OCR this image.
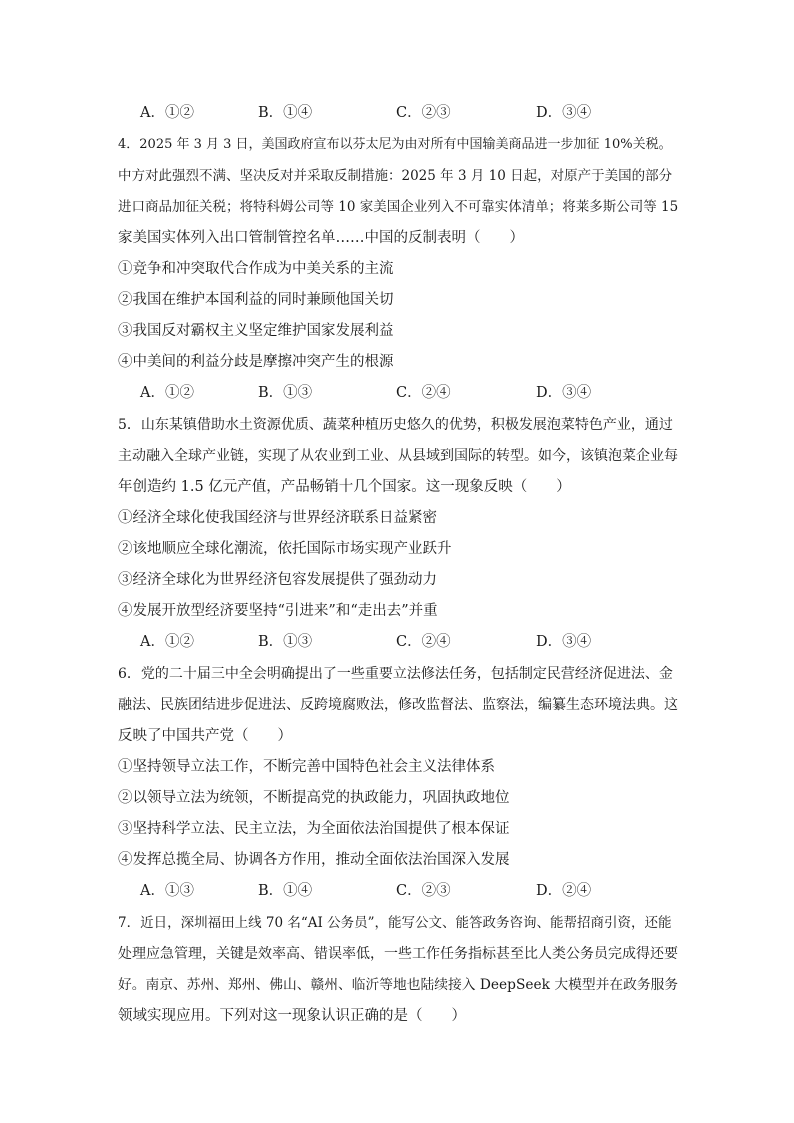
A．①②	B．①④	C．②③	D．③④
4．2025 年 3 月 3 日，美国政府宣布以芬太尼为由对所有中国输美商品进一步加征 10%关税。
中方对此强烈不满、坚决反对并采取反制措施：2025 年 3 月 10 日起，对原产于美国的部分
进口商品加征关税；将特科姆公司等 10 家美国企业列入不可靠实体清单；将莱多斯公司等 15
家美国实体列入出口管制管控名单……中国的反制表明（　　）
①竞争和冲突取代合作成为中美关系的主流
②我国在维护本国利益的同时兼顾他国关切
③我国反对霸权主义坚定维护国家发展利益
④中美间的利益分歧是摩擦冲突产生的根源
A．①②	B．①③	C．②④	D．③④
5．山东某镇借助水土资源优质、蔬菜种植历史悠久的优势，积极发展泡菜特色产业，通过
主动融入全球产业链，实现了从农业到工业、从县域到国际的转型。如今，该镇泡菜企业每
年创造约 1.5 亿元产值，产品畅销十几个国家。这一现象反映（　　）
①经济全球化使我国经济与世界经济联系日益紧密
②该地顺应全球化潮流，依托国际市场实现产业跃升
③经济全球化为世界经济包容发展提供了强劲动力
④发展开放型经济要坚持“引进来”和“走出去”并重
A．①②	B．①③	C．②④	D．③④
6．党的二十届三中全会明确提出了一些重要立法修法任务，包括制定民营经济促进法、金
融法、民族团结进步促进法、反跨境腐败法，修改监督法、监察法，编纂生态环境法典。这
反映了中国共产党（　　）
①坚持领导立法工作，不断完善中国特色社会主义法律体系
②以领导立法为统领，不断提高党的执政能力，巩固执政地位
③坚持科学立法、民主立法，为全面依法治国提供了根本保证
④发挥总揽全局、协调各方作用，推动全面依法治国深入发展
A．①③	B．①④	C．②③	D．②④
7．近日，深圳福田上线 70 名“AI 公务员”，能写公文、能答政务咨询、能帮招商引资，还能
处理应急管理，关键是效率高、错误率低，一些工作任务指标甚至比人类公务员完成得还要
好。南京、苏州、郑州、佛山、赣州、临沂等地也陆续接入 DeepSeek 大模型并在政务服务
领域实现应用。下列对这一现象认识正确的是（　　）
